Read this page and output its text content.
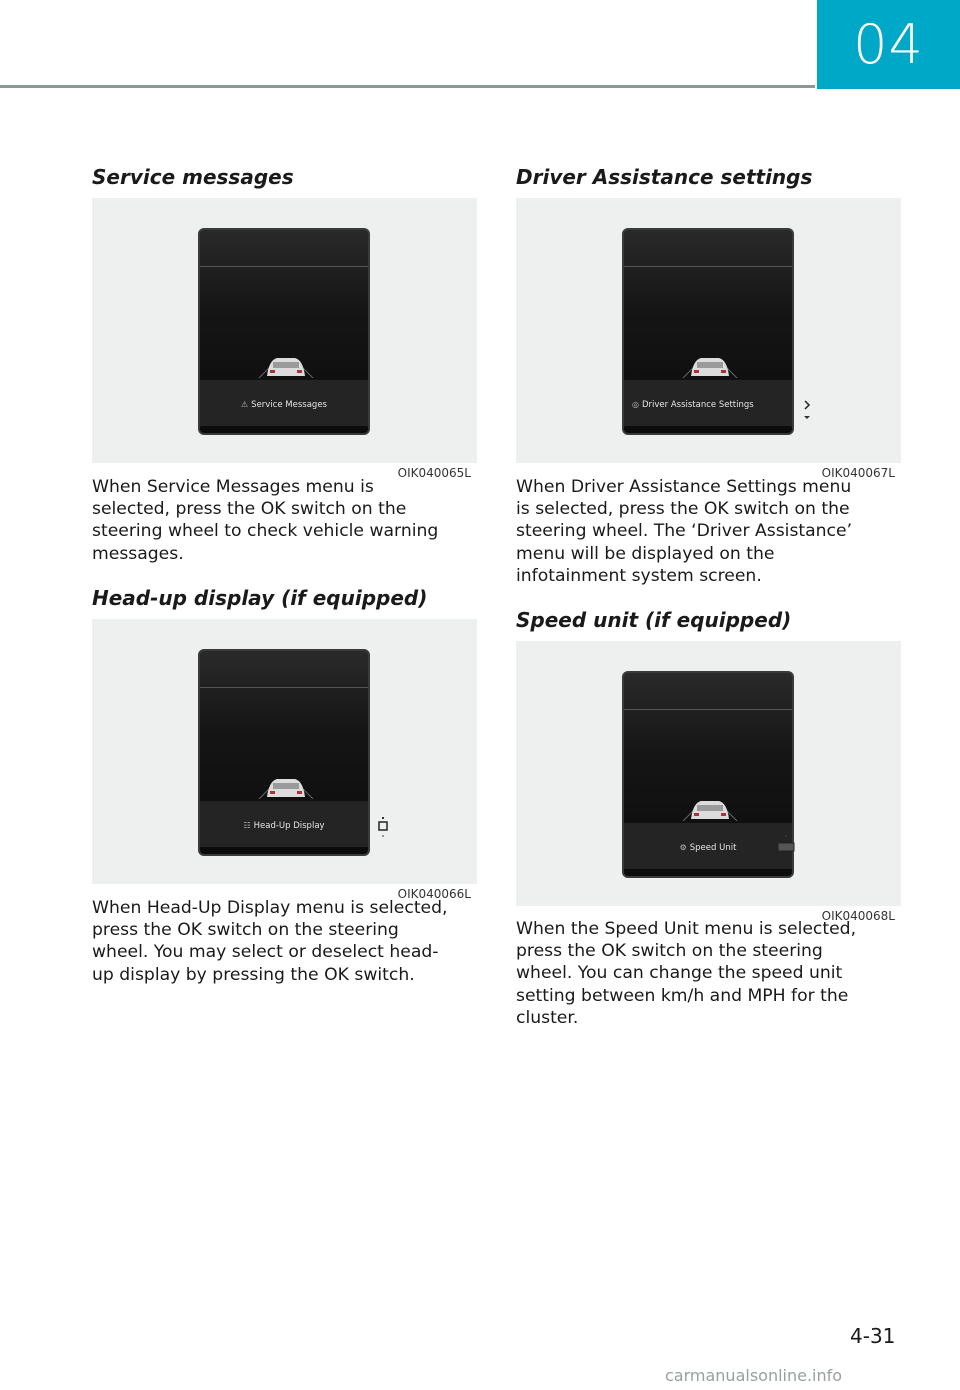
04
Service messages
⚠ Service Messages
OIK040065L
When Service Messages menu is
selected, press the OK switch on the
steering wheel to check vehicle warning
messages.
Head-up display (if equipped)
☷ Head-Up Display
OIK040066L
When Head-Up Display menu is selected,
press the OK switch on the steering
wheel. You may select or deselect head-
up display by pressing the OK switch.
Driver Assistance settings
◎ Driver Assistance Settings
OIK040067L
When Driver Assistance Settings menu
is selected, press the OK switch on the
steering wheel. The ‘Driver Assistance’
menu will be displayed on the
infotainment system screen.
Speed unit (if equipped)
⚙ Speed Unit
OIK040068L
When the Speed Unit menu is selected,
press the OK switch on the steering
wheel. You can change the speed unit
setting between km/h and MPH for the
cluster.
4-31
carmanualsonline.info
